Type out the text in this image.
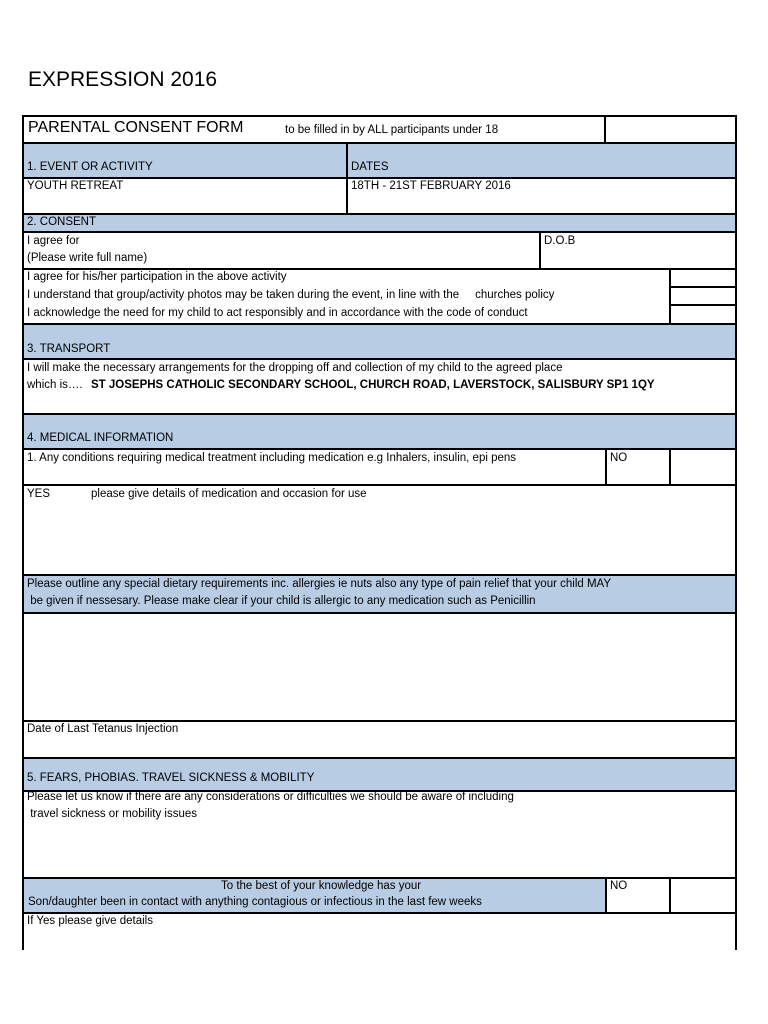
EXPRESSION 2016
PARENTAL CONSENT FORM	to be filled in by ALL participants under 18
1. EVENT OR ACTIVITY	DATES
YOUTH RETREAT	18TH - 21ST FEBRUARY 2016
2. CONSENT
I agree for
(Please write full name)
D.O.B
I agree for his/her participation in the above activity
I understand that group/activity photos may be taken during the event, in line with the     churches policy
I acknowledge the need for my child to act responsibly and in accordance with the code of conduct
3. TRANSPORT
I will make the necessary arrangements for the dropping off and collection of my child to the agreed place
which is…. ST JOSEPHS CATHOLIC SECONDARY SCHOOL, CHURCH ROAD, LAVERSTOCK, SALISBURY SP1 1QY
4. MEDICAL INFORMATION
1. Any conditions requiring medical treatment including medication e.g Inhalers, insulin, epi pens	NO
YES	please give details of medication and occasion for use
Please outline any special dietary requirements inc. allergies ie nuts also any type of pain relief that your child MAY
be given if nessesary. Please make clear if your child is allergic to any medication such as Penicillin
Date of Last Tetanus Injection
5. FEARS, PHOBIAS. TRAVEL SICKNESS & MOBILITY
Please let us know if there are any considerations or difficulties we should be aware of including
travel sickness or mobility issues
To the best of your knowledge has your
Son/daughter been in contact with anything contagious or infectious in the last few weeks
NO
If Yes please give details
